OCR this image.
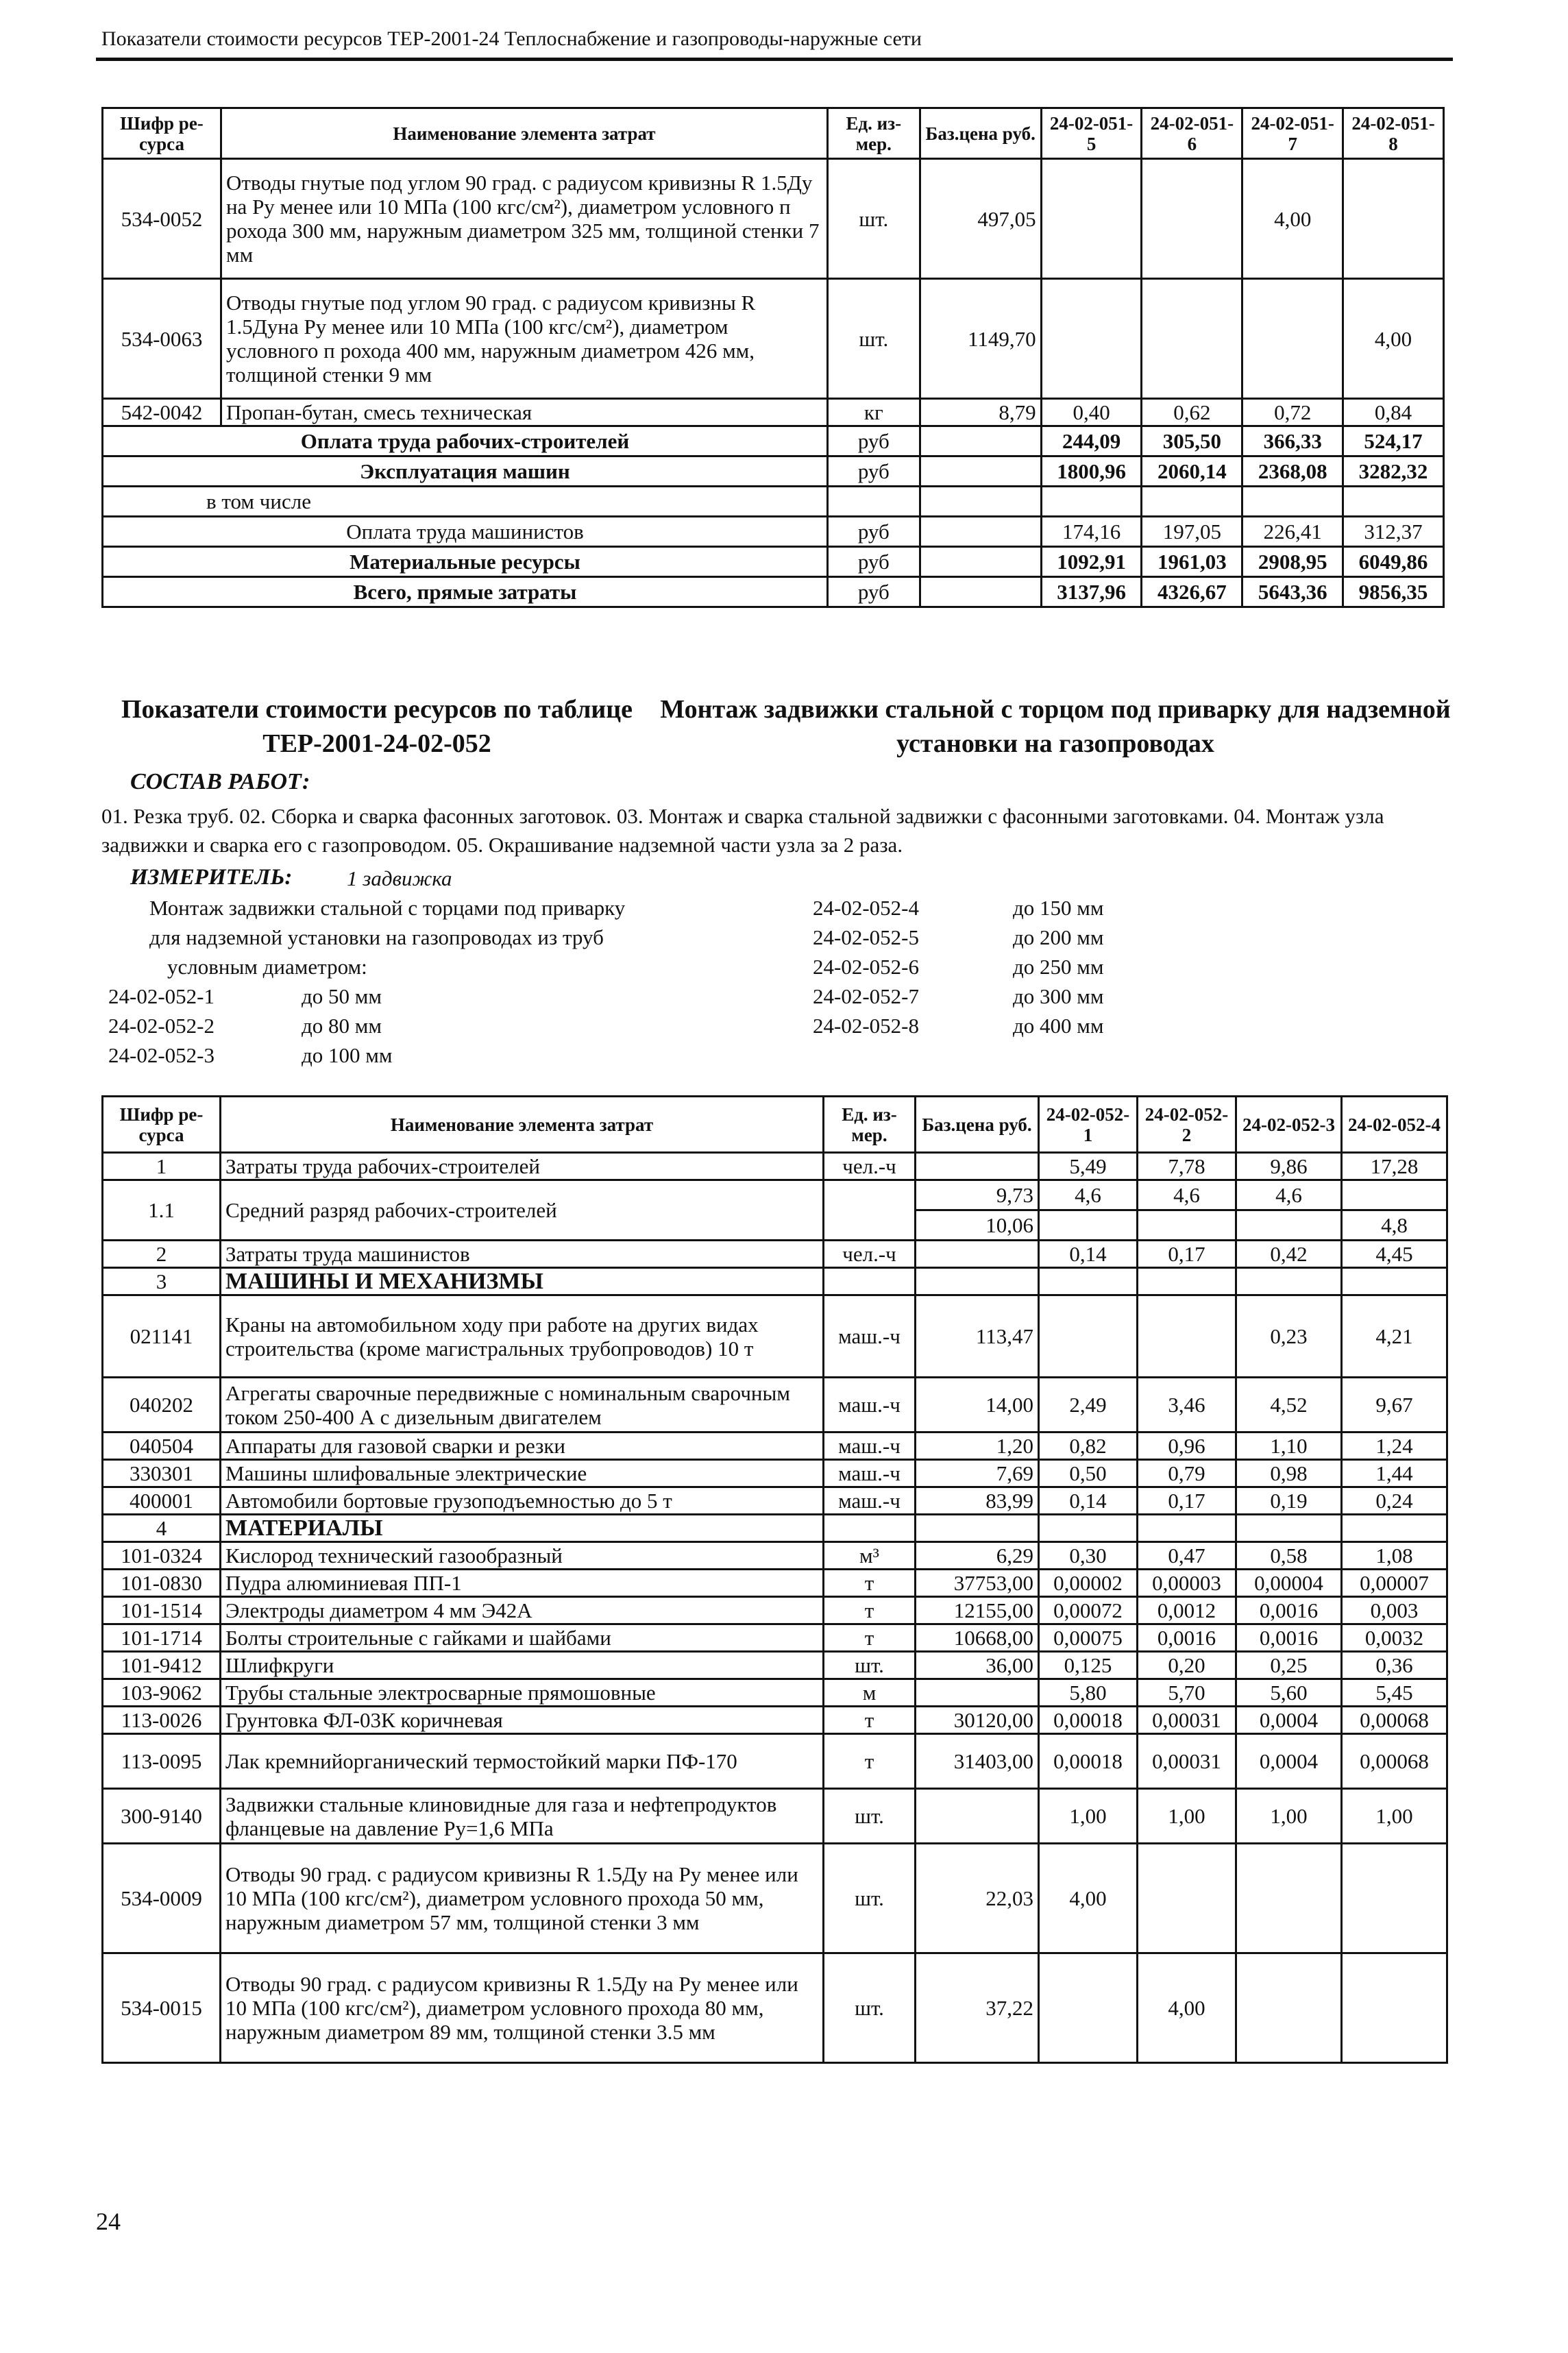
Показатели стоимости ресурсов ТЕР-2001-24 Теплоснабжение и газопроводы-наружные сети
Шифр ре-сурса	Наименование элемента затрат	Ед. из-мер.	Баз.цена руб.	24-02-051-5	24-02-051-6	24-02-051-7	24-02-051-8
534-0052	Отводы гнутые под углом 90 град. с радиусом кривизны R 1.5Ду на Ру менее или 10 МПа (100 кгс/см²), диаметром условного п рохода 300 мм, наружным диаметром 325 мм, толщиной стенки 7 мм	шт.	497,05			4,00	
534-0063	Отводы гнутые под углом 90 град. с радиусом кривизны R 1.5Дуна Ру менее или 10 МПа (100 кгс/см²), диаметром условного п рохода 400 мм, наружным диаметром 426 мм, толщиной стенки 9 мм	шт.	1149,70				4,00
542-0042	Пропан-бутан, смесь техническая	кг	8,79	0,40	0,62	0,72	0,84
Оплата труда рабочих-строителей		руб		244,09	305,50	366,33	524,17
Эксплуатация машин		руб		1800,96	2060,14	2368,08	3282,32
в том числе							
Оплата труда машинистов		руб		174,16	197,05	226,41	312,37
Материальные ресурсы		руб		1092,91	1961,03	2908,95	6049,86
Всего, прямые затраты		руб		3137,96	4326,67	5643,36	9856,35
Показатели стоимости ресурсов по таблице ТЕР-2001-24-02-052
Монтаж задвижки стальной с торцом под приварку для надземной установки на газопроводах
СОСТАВ РАБОТ:
01. Резка труб. 02. Сборка и сварка фасонных заготовок. 03. Монтаж и сварка стальной задвижки с фасонными заготовками. 04. Монтаж узла задвижки и сварка его с газопроводом. 05. Окрашивание надземной части узла за 2 раза.
ИЗМЕРИТЕЛЬ:	1 задвижка
Монтаж задвижки стальной с торцами под приварку
для надземной установки на газопроводах из труб
условным диаметром:
24-02-052-1	до 50 мм
24-02-052-2	до 80 мм
24-02-052-3	до 100 мм
24-02-052-4	до 150 мм
24-02-052-5	до 200 мм
24-02-052-6	до 250 мм
24-02-052-7	до 300 мм
24-02-052-8	до 400 мм
Шифр ре-сурса	Наименование элемента затрат	Ед. из-мер.	Баз.цена руб.	24-02-052-1	24-02-052-2	24-02-052-3	24-02-052-4
1	Затраты труда рабочих-строителей	чел.-ч		5,49	7,78	9,86	17,28
1.1	Средний разряд рабочих-строителей		9,73	4,6	4,6	4,6	
			10,06				4,8
2	Затраты труда машинистов	чел.-ч		0,14	0,17	0,42	4,45
3	МАШИНЫ И МЕХАНИЗМЫ						
021141	Краны на автомобильном ходу при работе на других видах строительства (кроме магистральных трубопроводов) 10 т	маш.-ч	113,47			0,23	4,21
040202	Агрегаты сварочные передвижные с номинальным сварочным током 250-400 А с дизельным двигателем	маш.-ч	14,00	2,49	3,46	4,52	9,67
040504	Аппараты для газовой сварки и резки	маш.-ч	1,20	0,82	0,96	1,10	1,24
330301	Машины шлифовальные электрические	маш.-ч	7,69	0,50	0,79	0,98	1,44
400001	Автомобили бортовые грузоподъемностью до 5 т	маш.-ч	83,99	0,14	0,17	0,19	0,24
4	МАТЕРИАЛЫ						
101-0324	Кислород технический газообразный	м³	6,29	0,30	0,47	0,58	1,08
101-0830	Пудра алюминиевая ПП-1	т	37753,00	0,00002	0,00003	0,00004	0,00007
101-1514	Электроды диаметром 4 мм Э42А	т	12155,00	0,00072	0,0012	0,0016	0,003
101-1714	Болты строительные с гайками и шайбами	т	10668,00	0,00075	0,0016	0,0016	0,0032
101-9412	Шлифкруги	шт.	36,00	0,125	0,20	0,25	0,36
103-9062	Трубы стальные электросварные прямошовные	м		5,80	5,70	5,60	5,45
113-0026	Грунтовка ФЛ-03К коричневая	т	30120,00	0,00018	0,00031	0,0004	0,00068
113-0095	Лак кремнийорганический термостойкий марки ПФ-170	т	31403,00	0,00018	0,00031	0,0004	0,00068
300-9140	Задвижки стальные клиновидные для газа и нефтепродуктов фланцевые на давление Ру=1,6 МПа	шт.		1,00	1,00	1,00	1,00
534-0009	Отводы 90 град. с радиусом кривизны R 1.5Ду на Ру менее или 10 МПа (100 кгс/см²), диаметром условного прохода 50 мм, наружным диаметром 57 мм, толщиной стенки 3 мм	шт.	22,03	4,00			
534-0015	Отводы 90 град. с радиусом кривизны R 1.5Ду на Ру менее или 10 МПа (100 кгс/см²), диаметром условного прохода 80 мм, наружным диаметром 89 мм, толщиной стенки 3.5 мм	шт.	37,22		4,00		
24
